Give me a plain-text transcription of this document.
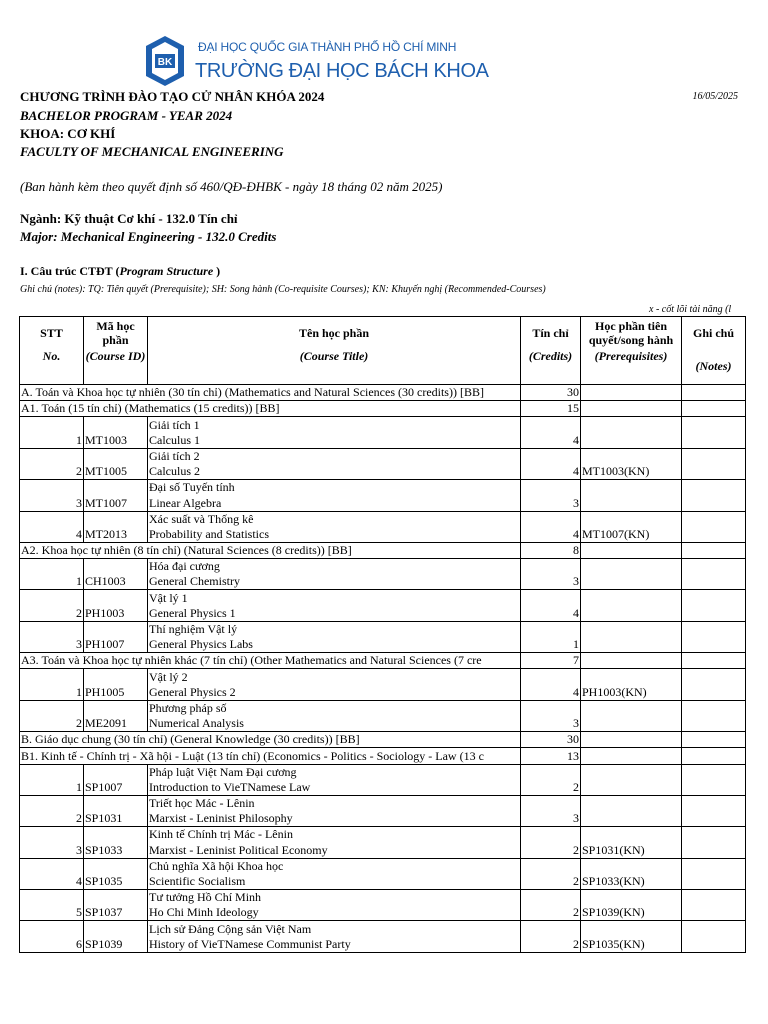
BK
ĐẠI HỌC QUỐC GIA THÀNH PHỐ HỒ CHÍ MINH
TRƯỜNG ĐẠI HỌC BÁCH KHOA
CHƯƠNG TRÌNH ĐÀO TẠO CỬ NHÂN KHÓA 2024	16/05/2025
BACHELOR PROGRAM - YEAR 2024
KHOA: CƠ KHÍ
FACULTY OF MECHANICAL ENGINEERING
(Ban hành kèm theo quyết định số 460/QĐ-ĐHBK - ngày 18 tháng 02 năm 2025)
Ngành: Kỹ thuật Cơ khí - 132.0 Tín chỉ
Major: Mechanical Engineering - 132.0 Credits
I. Câu trúc CTĐT (Program Structure )
Ghi chú (notes): TQ: Tiên quyết (Prerequisite); SH: Song hành (Co-requisite Courses); KN: Khuyến nghị (Recommended-Courses)
x - cốt lõi tài năng (l
STT	Mã học phần	Tên học phần	Tín chỉ	Học phần tiên quyết/song hành	Ghi chú
No.	(Course ID)	(Course Title)	(Credits)	(Prerequisites)	(Notes)
A. Toán và Khoa học tự nhiên (30 tín chỉ) (Mathematics and Natural Sciences (30 credits)) [BB]			30		
A1. Toán (15 tín chỉ) (Mathematics (15 credits)) [BB]			15		
1	MT1003	Giải tích 1	4		
		Calculus 1			
2	MT1005	Giải tích 2	4	MT1003(KN)	
		Calculus 2			
3	MT1007	Đại số Tuyến tính	3		
		Linear Algebra			
4	MT2013	Xác suất và Thống kê	4	MT1007(KN)	
		Probability and Statistics			
A2. Khoa học tự nhiên (8 tín chỉ) (Natural Sciences (8 credits)) [BB]			8		
1	CH1003	Hóa đại cương	3		
		General Chemistry			
2	PH1003	Vật lý 1	4		
		General Physics 1			
3	PH1007	Thí nghiệm Vật lý	1		
		General Physics Labs			
A3. Toán và Khoa học tự nhiên khác (7 tín chỉ) (Other Mathematics and Natural Sciences (7 cre			7		
1	PH1005	Vật lý 2	4	PH1003(KN)	
		General Physics 2			
2	ME2091	Phương pháp số	3		
		Numerical Analysis			
B. Giáo dục chung (30 tín chỉ) (General Knowledge (30 credits)) [BB]			30		
B1. Kinh tế - Chính trị - Xã hội - Luật (13 tín chỉ) (Economics - Politics - Sociology - Law (13 c			13		
1	SP1007	Pháp luật Việt Nam Đại cương	2		
		Introduction to VieTNamese Law			
2	SP1031	Triết học Mác - Lênin	3		
		Marxist - Leninist Philosophy			
3	SP1033	Kinh tế Chính trị Mác - Lênin	2	SP1031(KN)	
		Marxist - Leninist Political Economy			
4	SP1035	Chủ nghĩa Xã hội Khoa học	2	SP1033(KN)	
		Scientific Socialism			
5	SP1037	Tư tưởng Hồ Chí Minh	2	SP1039(KN)	
		Ho Chi Minh Ideology			
6	SP1039	Lịch sử Đảng Cộng sản Việt Nam	2	SP1035(KN)	
		History of VieTNamese Communist Party			
